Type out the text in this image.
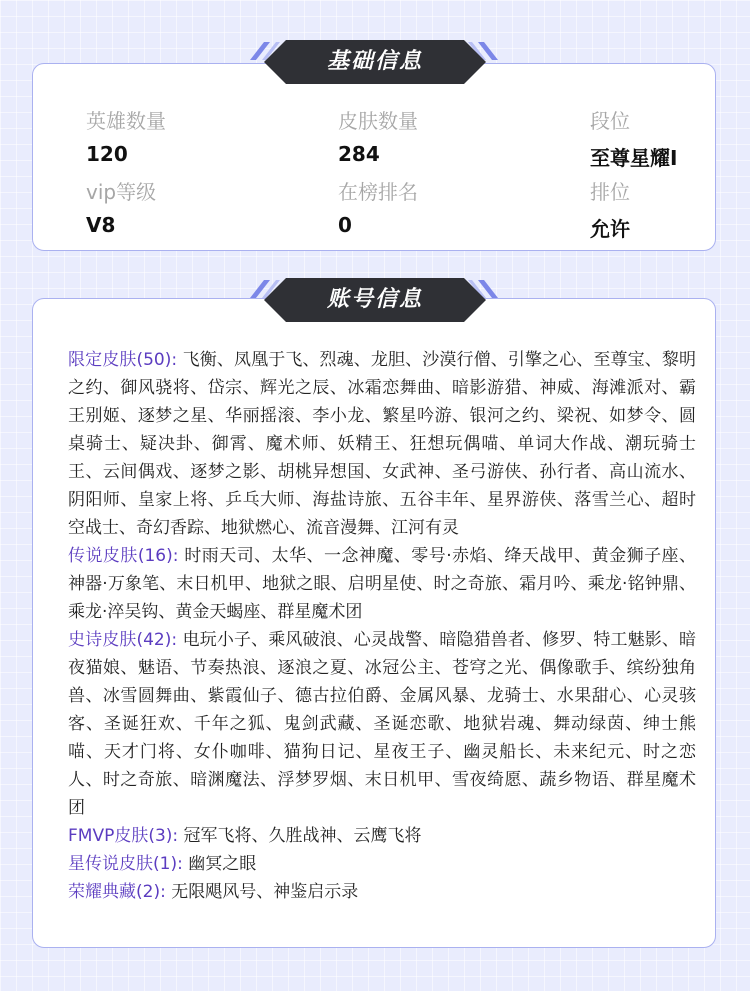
基础信息
英雄数量
120
皮肤数量
284
段位
至尊星耀I
vip等级
V8
在榜排名
0
排位
允许
账号信息

限定皮肤(50): 飞衡、凤凰于飞、烈魂、龙胆、沙漠行僧、引擎之心、至尊宝、黎明之约、御风骁将、岱宗、辉光之辰、冰霜恋舞曲、暗影游猎、神威、海滩派对、霸王别姬、逐梦之星、华丽摇滚、李小龙、繁星吟游、银河之约、梁祝、如梦令、圆桌骑士、疑决卦、御霄、魔术师、妖精王、狂想玩偶喵、单词大作战、潮玩骑士王、云间偶戏、逐梦之影、胡桃异想国、女武神、圣弓游侠、孙行者、高山流水、阴阳师、皇家上将、乒乓大师、海盐诗旅、五谷丰年、星界游侠、落雪兰心、超时空战士、奇幻香踪、地狱燃心、流音漫舞、江河有灵

传说皮肤(16): 时雨天司、太华、一念神魔、零号·赤焰、绛天战甲、黄金狮子座、神器·万象笔、末日机甲、地狱之眼、启明星使、时之奇旅、霜月吟、乘龙·铭钟鼎、乘龙·淬吴钩、黄金天蝎座、群星魔术团

史诗皮肤(42): 电玩小子、乘风破浪、心灵战警、暗隐猎兽者、修罗、特工魅影、暗夜猫娘、魅语、节奏热浪、逐浪之夏、冰冠公主、苍穹之光、偶像歌手、缤纷独角兽、冰雪圆舞曲、紫霞仙子、德古拉伯爵、金属风暴、龙骑士、水果甜心、心灵骇客、圣诞狂欢、千年之狐、鬼剑武藏、圣诞恋歌、地狱岩魂、舞动绿茵、绅士熊喵、天才门将、女仆咖啡、猫狗日记、星夜王子、幽灵船长、未来纪元、时之恋人、时之奇旅、暗渊魔法、浮梦罗烟、末日机甲、雪夜绮愿、蔬乡物语、群星魔术团

FMVP皮肤(3): 冠军飞将、久胜战神、云鹰飞将

星传说皮肤(1): 幽冥之眼

荣耀典藏(2): 无限飓风号、神鉴启示录
